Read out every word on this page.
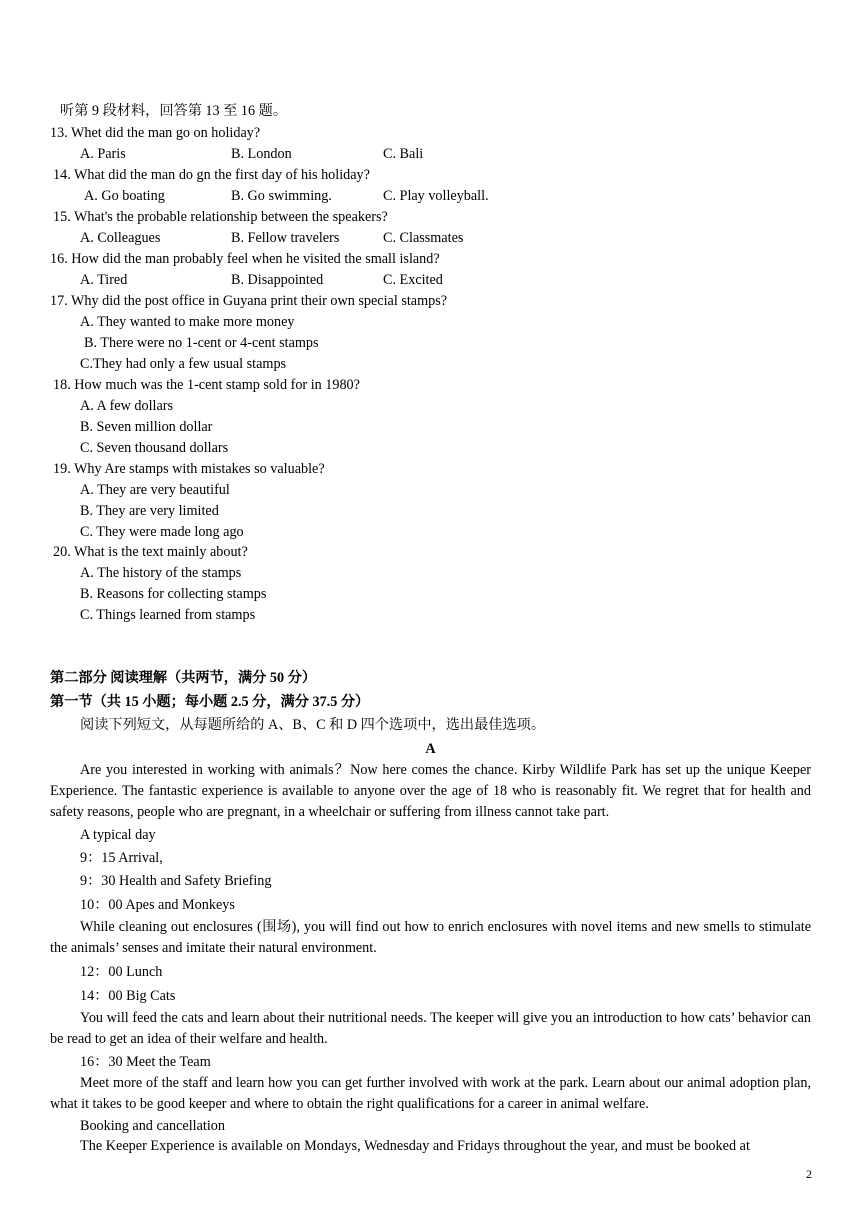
听第 9 段材料，回答第 13 至 16 题。
13. Whet did the man go on holiday?
A. Paris	B. London	C. Bali
14. What did the man do gn the first day of his holiday?
A. Go boating	B. Go swimming.	C. Play volleyball.
15. What's the probable relationship between the speakers?
A. Colleagues	B. Fellow travelers	C. Classmates
16. How did the man probably feel when he visited the small island?
A. Tired	B. Disappointed	C. Excited
17. Why did the post office in Guyana print their own special stamps?
A. They wanted to make more money
B. There were no 1-cent or 4-cent stamps
C.They had only a few usual stamps
18. How much was the 1-cent stamp sold for in 1980?
A. A few dollars
B. Seven million dollar
C. Seven thousand dollars
19. Why Are stamps with mistakes so valuable?
A. They are very beautiful
B. They are very limited
C. They were made long ago
20. What is the text mainly about?
A. The history of the stamps
B. Reasons for collecting stamps
C. Things learned from stamps
第二部分 阅读理解（共两节，满分 50 分）
第一节（共 15 小题；每小题 2.5 分，满分 37.5 分）
阅读下列短文，从每题所给的 A、B、C 和 D 四个选项中，选出最佳选项。
A
Are you interested in working with animals？Now here comes the chance. Kirby Wildlife Park has set up the unique Keeper Experience. The fantastic experience is available to anyone over the age of 18 who is reasonably fit. We regret that for health and safety reasons, people who are pregnant, in a wheelchair or suffering from illness cannot take part.
A typical day
9：15 Arrival,
9：30 Health and Safety Briefing
10：00 Apes and Monkeys
While cleaning out enclosures (围场), you will find out how to enrich enclosures with novel items and new smells to stimulate the animals’ senses and imitate their natural environment.
12：00 Lunch
14：00 Big Cats
You will feed the cats and learn about their nutritional needs. The keeper will give you an introduction to how cats’ behavior can be read to get an idea of their welfare and health.
16：30 Meet the Team
Meet more of the staff and learn how you can get further involved with work at the park. Learn about our animal adoption plan, what it takes to be good keeper and where to obtain the right qualifications for a career in animal welfare.
Booking and cancellation
The Keeper Experience is available on Mondays, Wednesday and Fridays throughout the year, and must be booked at
2
